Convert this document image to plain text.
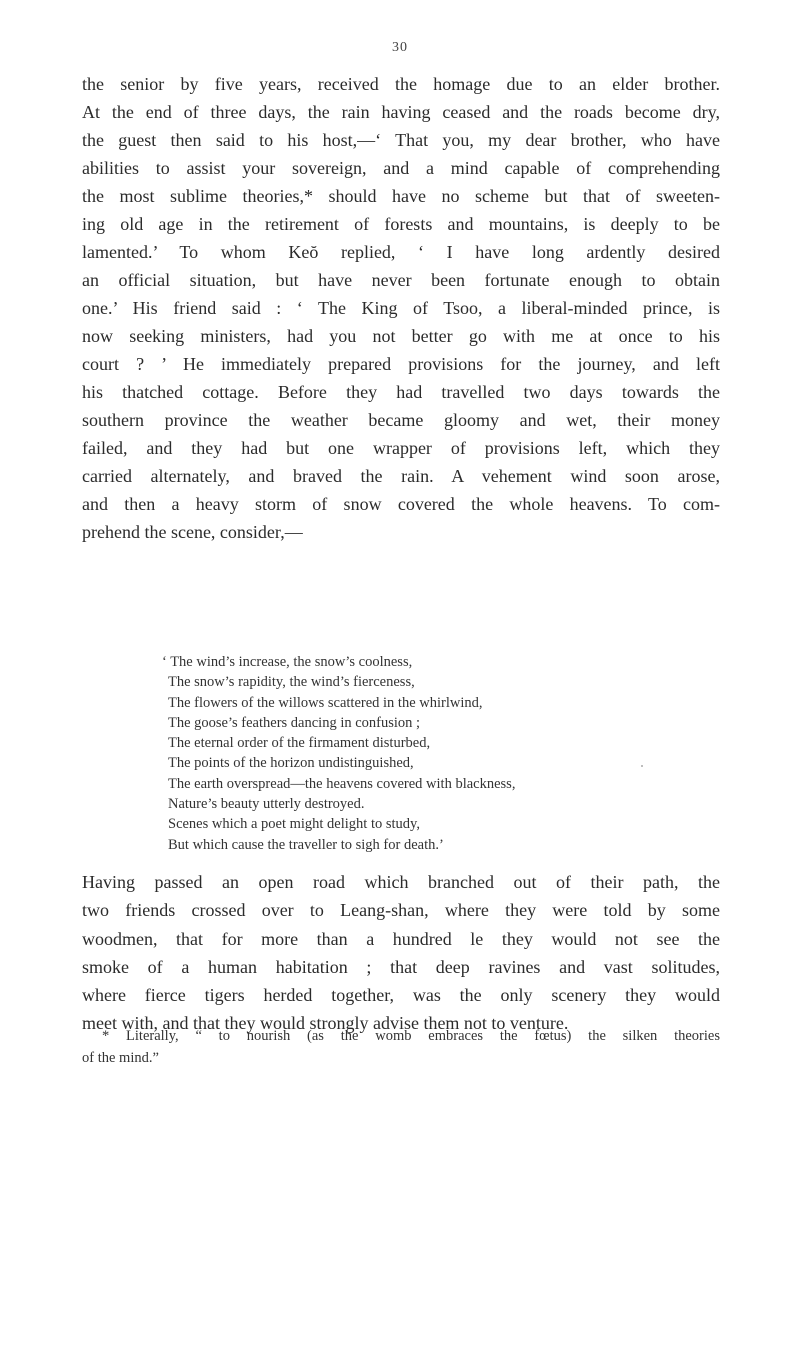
30
the senior by five years, received the homage due to an elder brother.
At the end of three days, the rain having ceased and the roads become dry,
the guest then said to his host,—‘ That you, my dear brother, who have
abilities to assist your sovereign, and a mind capable of comprehending
the most sublime theories,* should have no scheme but that of sweeten-
ing old age in the retirement of forests and mountains, is deeply to be
lamented.’ To whom Keŏ replied, ‘ I have long ardently desired
an official situation, but have never been fortunate enough to obtain
one.’ His friend said : ‘ The King of Tsoo, a liberal-minded prince, is
now seeking ministers, had you not better go with me at once to his
court ? ’ He immediately prepared provisions for the journey, and left
his thatched cottage. Before they had travelled two days towards the
southern province the weather became gloomy and wet, their money
failed, and they had but one wrapper of provisions left, which they
carried alternately, and braved the rain. A vehement wind soon arose,
and then a heavy storm of snow covered the whole heavens. To com-
prehend the scene, consider,—
‘ The wind’s increase, the snow’s coolness,
The snow’s rapidity, the wind’s fierceness,
The flowers of the willows scattered in the whirlwind,
The goose’s feathers dancing in confusion ;
The eternal order of the firmament disturbed,
The points of the horizon undistinguished,
The earth overspread—the heavens covered with blackness,
Nature’s beauty utterly destroyed.
Scenes which a poet might delight to study,
But which cause the traveller to sigh for death.’
Having passed an open road which branched out of their path, the
two friends crossed over to Leang-shan, where they were told by some
woodmen, that for more than a hundred le they would not see the
smoke of a human habitation ; that deep ravines and vast solitudes,
where fierce tigers herded together, was the only scenery they would
meet with, and that they would strongly advise them not to venture.
* Literally, “ to nourish (as the womb embraces the fœtus) the silken theories
of the mind.”
